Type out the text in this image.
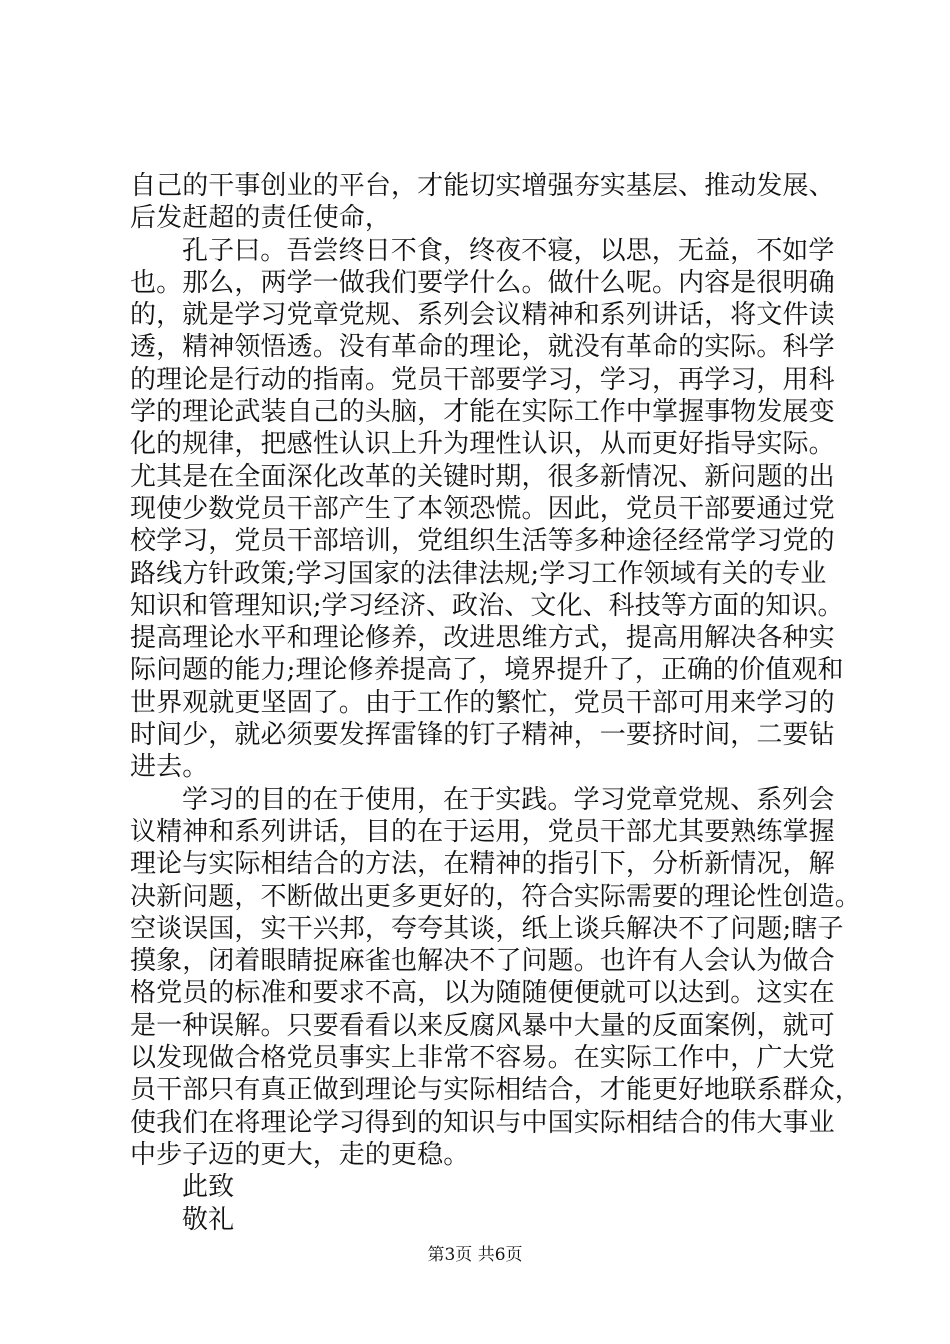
自己的干事创业的平台，才能切实增强夯实基层、推动发展、
后发赶超的责任使命，
孔子曰。吾尝终日不食，终夜不寝，以思，无益，不如学
也。那么，两学一做我们要学什么。做什么呢。内容是很明确
的，就是学习党章党规、系列会议精神和系列讲话，将文件读
透，精神领悟透。没有革命的理论，就没有革命的实际。科学
的理论是行动的指南。党员干部要学习，学习，再学习，用科
学的理论武装自己的头脑，才能在实际工作中掌握事物发展变
化的规律，把感性认识上升为理性认识，从而更好指导实际。
尤其是在全面深化改革的关键时期，很多新情况、新问题的出
现使少数党员干部产生了本领恐慌。因此，党员干部要通过党
校学习，党员干部培训，党组织生活等多种途径经常学习党的
路线方针政策;学习国家的法律法规;学习工作领域有关的专业
知识和管理知识;学习经济、政治、文化、科技等方面的知识。
提高理论水平和理论修养，改进思维方式，提高用解决各种实
际问题的能力;理论修养提高了，境界提升了，正确的价值观和
世界观就更坚固了。由于工作的繁忙，党员干部可用来学习的
时间少，就必须要发挥雷锋的钉子精神，一要挤时间，二要钻
进去。
学习的目的在于使用，在于实践。学习党章党规、系列会
议精神和系列讲话，目的在于运用，党员干部尤其要熟练掌握
理论与实际相结合的方法，在精神的指引下，分析新情况，解
决新问题，不断做出更多更好的，符合实际需要的理论性创造。
空谈误国，实干兴邦，夸夸其谈，纸上谈兵解决不了问题;瞎子
摸象，闭着眼睛捉麻雀也解决不了问题。也许有人会认为做合
格党员的标准和要求不高，以为随随便便就可以达到。这实在
是一种误解。只要看看以来反腐风暴中大量的反面案例，就可
以发现做合格党员事实上非常不容易。在实际工作中，广大党
员干部只有真正做到理论与实际相结合，才能更好地联系群众，
使我们在将理论学习得到的知识与中国实际相结合的伟大事业
中步子迈的更大，走的更稳。
此致
敬礼
第3页 共6页
